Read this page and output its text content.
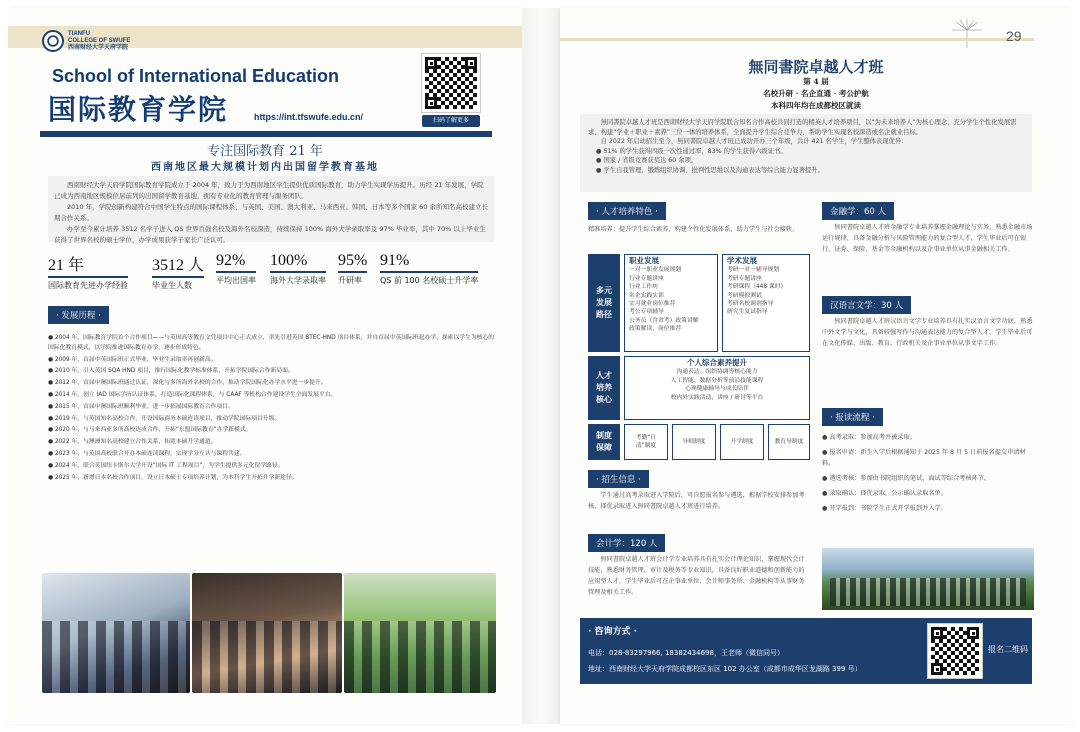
TIANFU
COLLEGE OF SWUFE
西南财经大学天府学院
School of International Education
国际教育学院	https://int.tfswufe.edu.cn/	扫码了解更多
专注国际教育 21 年
西南地区最大规模计划内出国留学教育基地

西南财经大学天府学院国际教育学院成立于 2004 年，致力于为西南地区学生提供优质国际教育，助力学生实现学历提升。历经 21 年发展，学院已成为西南地区规模位居前列的出国留学教育基地，拥有专业化的教育管理与服务团队。

2010 年，学院创新构建符合中国学生特点的国际课程体系，与英国、美国、澳大利亚、马来西亚、韩国、日本等多个国家 60 余所知名高校建立长期合作关系。

办学至今累计培养 3512 名学子进入 QS 世界百强名校及海外名校深造，持续保持 100% 海外大学录取率及 97% 毕业率，其中 70% 以上毕业生获得了世界名校的硕士学位，办学成果获学子家长广泛认可。

21 年
国际教育先进办学经验
3512 人
毕业生人数
92%
平均出国率
100%
海外大学录取率
95%
升研率
91%
QS 前 100 名校硕士升学率
· 发展历程 ·
● 2004 年，国际教育学院首个合作项目——与英国高等教育文凭项目中心正式成立，率先引进英国 BTEC-HND 项目体系，并自首届中英国际班起办学，探索以学生为核心的国际化教育模式，以学院推进国际教育办学，逐步形成特色。
● 2009 年，首届中英国际班正式毕业，毕业生录取率再创新高。
● 2010 年，引入英国 SQA HND 项目，推行国际化教学标准体系，开拓学院国际合作新局面。
● 2012 年，首届中澳国际班通过认证，深化与多所海外名校的合作，推动学院国际化办学水平进一步提升。
● 2014 年，创立 IAD 国际学历认证体系，打造国际化课程体系，与 CAAF 等机构合作建设学生全面发展平台。
● 2015 年，首届中澳国际班顺利毕业，进一步拓展国际教育合作项目。
● 2019 年，与英国知名高校合作，开设国际商务本硕连读项目，推动学院国际项目升级。
● 2020 年，与马来西亚多所高校达成合作，开拓“东盟国际教育”办学新模式。
● 2022 年，与澳洲知名高校建立合作关系，拓宽本硕升学通道。
● 2023 年，与英国高校联合开办本硕连读课程，实现学分互认与课程共建。
● 2024 年，联合英国纽卡斯尔大学开设“国际 IT 工程项目”，为学生提供多元化留学路径。
● 2025 年，新增日本名校合作项目，设立日本硕士专项培养计划，为本科学生开拓升学新途径。
29
無同書院卓越人才班
第 4 届
名校升研 · 名企直通 · 考公护航
本科四年均在成都校区就读

無同書院卓越人才班是西南财经大学天府学院联合知名合作高校共同打造的精英人才培养项目，以“为未来培养人”为核心理念，充分学生个性化发展需求，构建“学业＋职业＋素养”三位一体的培养体系，全面提升学生综合竞争力，帮助学生实现名校深造或名企就业目标。

自 2022 年启动招生至今，無同書院卓越人才班已成功开办三个年级，共计 421 名学生，学生整体表现优异：

● 51% 的学生获得四级一次性通过率，83% 的学生获得六级证书。

● 国家 / 省级竞赛获奖达 60 余项。

● 学生自我管理，锻炼组织协调、批判性思维以及沟通表达等综合能力显著提升。

· 人才培养特色 ·
精准培养：提升学生综合素养，构建个性化发展体系，助力学生与社会接轨。
多元发展路径
职业发展
一对一职业发展规划
行业专题讲座
行业工作坊
名企实践实训
实习就业岗位推荐
考公专项辅导
公务员（含省考）政策讲解
政策解读、岗位推荐
学术发展
考研一对一辅导规划
考研专题讲座
考研课程（448 课时）
考研模拟测试
考研名校调剂指导
研究生复试指导
人才培养核心
个人综合素养提升
沟通表达、组织协调等核心能力
人工智能、数据分析等前沿技能课程
心理健康辅导与成长陪伴
校内外实践活动、讲座 / 研讨等平台
制度保障
考勤“日清”制度
导师制度	开学制度	教育导制度
· 招生信息 ·
学生通过高考录取进入学院后，可自愿报名参与遴选，根据学校安排参加考核，择优录取进入無同書院卓越人才班进行培养。
会计学：120 人
無同書院卓越人才班会计学专业培养具有扎实会计理论知识，掌握现代会计技能，熟悉财务管理、审计及税务等专业知识，具备良好职业道德和创新能力的应用型人才，学生毕业后可在企事业单位、会计师事务所、金融机构等从事财务管理及相关工作。
金融学：60 人
無同書院卓越人才班金融学专业培养掌握金融理论与实务，熟悉金融市场运行规律，具备金融分析与风险管理能力的复合型人才，学生毕业后可在银行、证券、保险、基金等金融机构以及企事业单位从事金融相关工作。
汉语言文学：30 人
無同書院卓越人才班汉语言文学专业培养具有扎实汉语言文学功底，熟悉中外文学与文化，具备较强写作与沟通表达能力的复合型人才，学生毕业后可在文化传媒、出版、教育、行政机关及企事业单位从事文字工作。
· 报读流程 ·
● 高考录取：参加高考并被录取。
● 报名申请：新生入学后根据通知于 2025 年 8 月 5 日前报名提交申请材料。
● 遴选考核：参加由书院组织的笔试、面试等综合考核环节。
● 录取确认：择优录取，公示确认录取名单。
● 开学报到：书院学生正式开学报到并入学。
· 咨询方式 ·
电话：028-83297966, 18382434698，王老师（微信同号）
地址：西南财经大学天府学院成都校区东区 102 办公室（成都市成华区龙湖路 399 号）
报名二维码
